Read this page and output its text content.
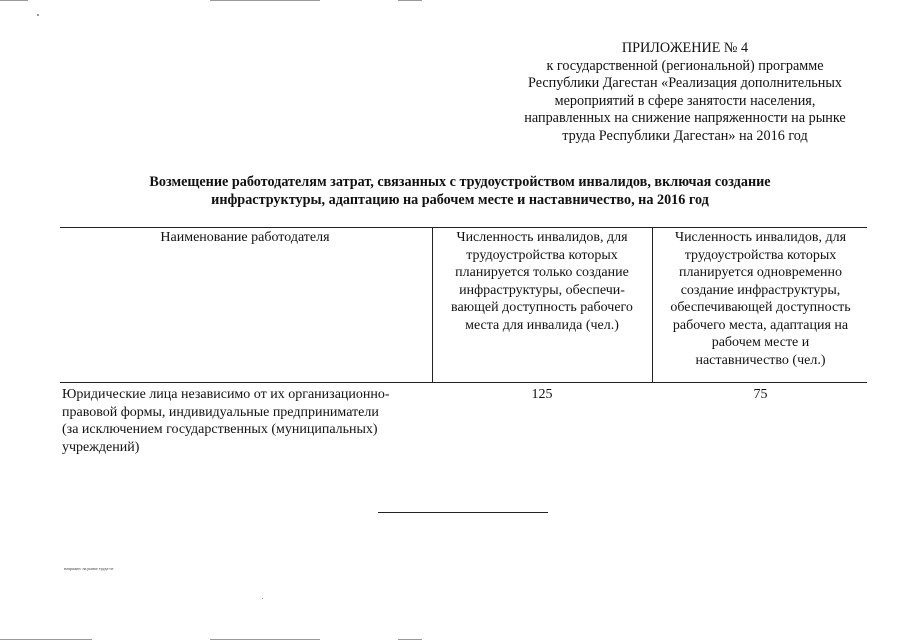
ПРИЛОЖЕНИЕ № 4
к государственной (региональной) программе
Республики Дагестан «Реализация дополнительных
мероприятий в сфере занятости населения,
направленных на снижение напряженности на рынке
труда Республики Дагестан» на 2016 год
Возмещение работодателям затрат, связанных с трудоустройством инвалидов, включая создание
инфраструктуры, адаптацию на рабочем месте и наставничество, на 2016 год
Наименование работодателя	Численность инвалидов, для
трудоустройства которых
планируется только создание
инфраструктуры, обеспечи-
вающей доступность рабочего
места для инвалида (чел.)
Численность инвалидов, для
трудоустройства которых
планируется одновременно
создание инфраструктуры,
обеспечивающей доступность
рабочего места, адаптация на
рабочем месте и
наставничество (чел.)
Юридические лица независимо от их организационно-
правовой формы, индивидуальные предприниматели
(за исключением государственных (муниципальных)
учреждений)
125	75
напряжен. на рынке труда-сн
